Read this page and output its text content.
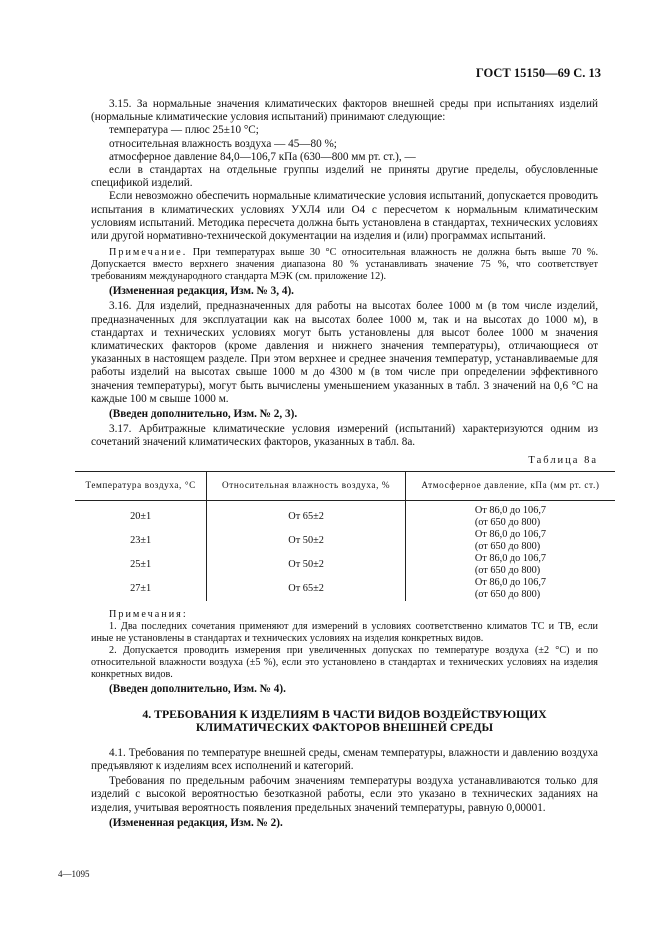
ГОСТ 15150—69 С. 13

3.15. За нормальные значения климатических факторов внешней среды при испытаниях изделий (нормальные климатические условия испытаний) принимают следующие:

температура — плюс 25±10 °С;

относительная влажность воздуха — 45—80 %;

атмосферное давление 84,0—106,7 кПа (630—800 мм рт. ст.), —

если в стандартах на отдельные группы изделий не приняты другие пределы, обусловленные спецификой изделий.

Если невозможно обеспечить нормальные климатические условия испытаний, допускается проводить испытания в климатических условиях УХЛ4 или О4 с пересчетом к нормальным климатическим условиям испытаний. Методика пересчета должна быть установлена в стандартах, технических условиях или другой нормативно-технической документации на изделия и (или) программах испытаний.

Примечание. При температурах выше 30 °С относительная влажность не должна быть выше 70 %. Допускается вместо верхнего значения диапазона 80 % устанавливать значение 75 %, что соответствует требованиям международного стандарта МЭК (см. приложение 12).

(Измененная редакция, Изм. № 3, 4).

3.16. Для изделий, предназначенных для работы на высотах более 1000 м (в том числе изделий, предназначенных для эксплуатации как на высотах более 1000 м, так и на высотах до 1000 м), в стандартах и технических условиях могут быть установлены для высот более 1000 м значения климатических факторов (кроме давления и нижнего значения температуры), отличающиеся от указанных в настоящем разделе. При этом верхнее и среднее значения температур, устанавливаемые для работы изделий на высотах свыше 1000 м до 4300 м (в том числе при определении эффективного значения температуры), могут быть вычислены уменьшением указанных в табл. 3 значений на 0,6 °С на каждые 100 м свыше 1000 м.

(Введен дополнительно, Изм. № 2, 3).

3.17. Арбитражные климатические условия измерений (испытаний) характеризуются одним из сочетаний значений климатических факторов, указанных в табл. 8а.

Таблица 8а
Температура воздуха, °С	Относительная влажность воздуха, %	Атмосферное давление, кПа (мм рт. ст.)
20±1	От 65±2	От 86,0 до 106,7
(от 650 до 800)
23±1	От 50±2	От 86,0 до 106,7
(от 650 до 800)
25±1	От 50±2	От 86,0 до 106,7
(от 650 до 800)
27±1	От 65±2	От 86,0 до 106,7
(от 650 до 800)

Примечания:

1. Два последних сочетания применяют для измерений в условиях соответственно климатов ТС и ТВ, если иные не установлены в стандартах и технических условиях на изделия конкретных видов.

2. Допускается проводить измерения при увеличенных допусках по температуре воздуха (±2 °С) и по относительной влажности воздуха (±5 %), если это установлено в стандартах и технических условиях на изделия конкретных видов.

(Введен дополнительно, Изм. № 4).

4. ТРЕБОВАНИЯ К ИЗДЕЛИЯМ В ЧАСТИ ВИДОВ ВОЗДЕЙСТВУЮЩИХ
КЛИМАТИЧЕСКИХ ФАКТОРОВ ВНЕШНЕЙ СРЕДЫ

4.1. Требования по температуре внешней среды, сменам температуры, влажности и давлению воздуха предъявляют к изделиям всех исполнений и категорий.

Требования по предельным рабочим значениям температуры воздуха устанавливаются только для изделий с высокой вероятностью безотказной работы, если это указано в технических заданиях на изделия, учитывая вероятность появления предельных значений температуры, равную 0,00001.

(Измененная редакция, Изм. № 2).

4—1095
